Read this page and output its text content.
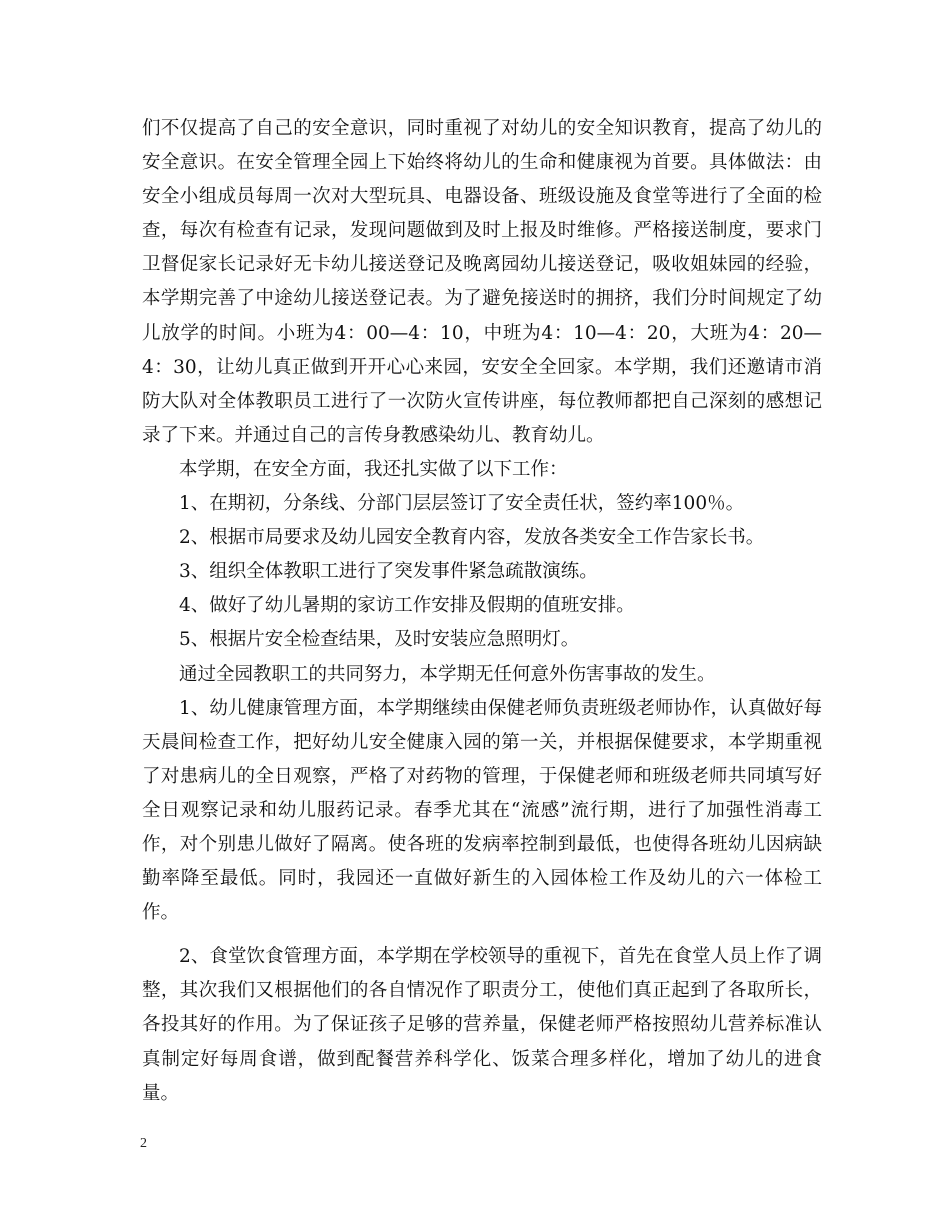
们不仅提高了自己的安全意识，同时重视了对幼儿的安全知识教育，提高了幼儿的安全意识。在安全管理全园上下始终将幼儿的生命和健康视为首要。具体做法：由安全小组成员每周一次对大型玩具、电器设备、班级设施及食堂等进行了全面的检查，每次有检查有记录，发现问题做到及时上报及时维修。严格接送制度，要求门卫督促家长记录好无卡幼儿接送登记及晚离园幼儿接送登记，吸收姐妹园的经验，本学期完善了中途幼儿接送登记表。为了避免接送时的拥挤，我们分时间规定了幼儿放学的时间。小班为4：00—4：10，中班为4：10—4：20，大班为4：20—4：30，让幼儿真正做到开开心心来园，安安全全回家。本学期，我们还邀请市消防大队对全体教职员工进行了一次防火宣传讲座，每位教师都把自己深刻的感想记录了下来。并通过自己的言传身教感染幼儿、教育幼儿。

本学期，在安全方面，我还扎实做了以下工作：

1、在期初，分条线、分部门层层签订了安全责任状，签约率100％。

2、根据市局要求及幼儿园安全教育内容，发放各类安全工作告家长书。

3、组织全体教职工进行了突发事件紧急疏散演练。

4、做好了幼儿暑期的家访工作安排及假期的值班安排。

5、根据片安全检查结果，及时安装应急照明灯。

通过全园教职工的共同努力，本学期无任何意外伤害事故的发生。

1、幼儿健康管理方面，本学期继续由保健老师负责班级老师协作，认真做好每天晨间检查工作，把好幼儿安全健康入园的第一关，并根据保健要求，本学期重视了对患病儿的全日观察，严格了对药物的管理，于保健老师和班级老师共同填写好全日观察记录和幼儿服药记录。春季尤其在“流感”流行期，进行了加强性消毒工作，对个别患儿做好了隔离。使各班的发病率控制到最低，也使得各班幼儿因病缺勤率降至最低。同时，我园还一直做好新生的入园体检工作及幼儿的六一体检工作。

2、食堂饮食管理方面，本学期在学校领导的重视下，首先在食堂人员上作了调整，其次我们又根据他们的各自情况作了职责分工，使他们真正起到了各取所长，各投其好的作用。为了保证孩子足够的营养量，保健老师严格按照幼儿营养标准认真制定好每周食谱，做到配餐营养科学化、饭菜合理多样化，增加了幼儿的进食量。

2
